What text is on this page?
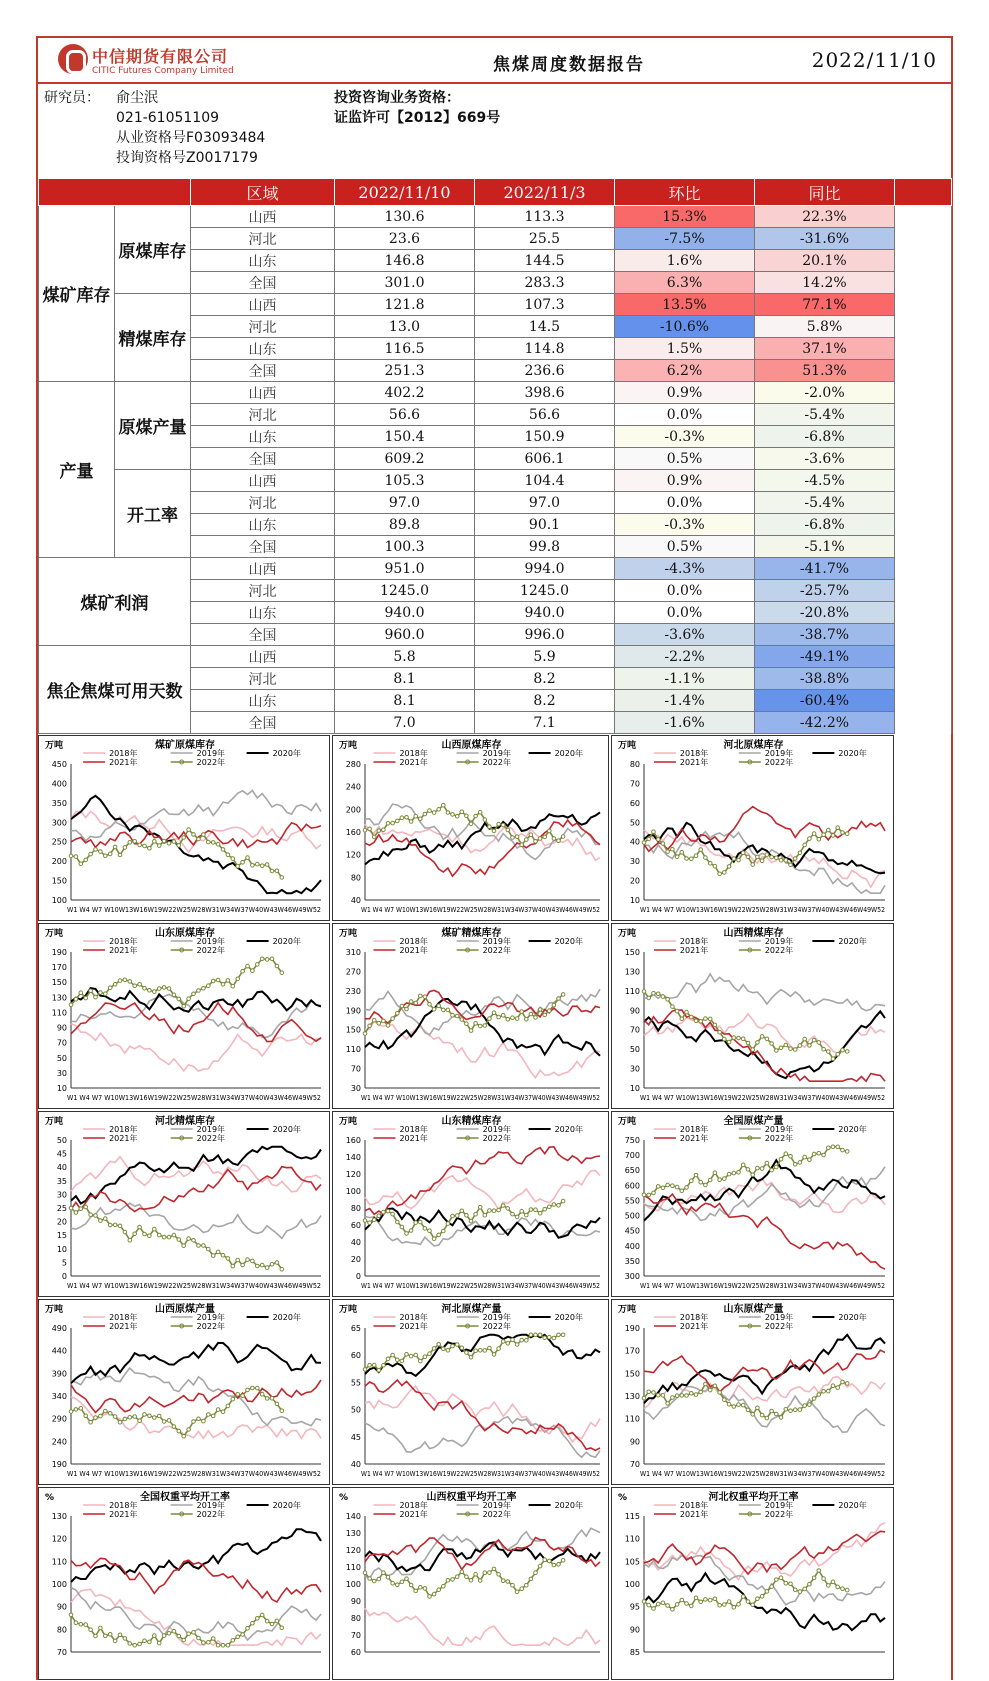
中信期货有限公司
CITIC Futures Company Limited	焦煤周度数据报告	2022/11/10
研究员： 俞尘泯
021-61051109
从业资格号F03093484
投询资格号Z0017179
投资咨询业务资格：
证监许可【2012】669号
		区域	2022/11/10	2022/11/3	环比	同比	
煤矿库存	原煤库存	山西	130.6	113.3	15.3%	22.3%	
		河北	23.6	25.5	-7.5%	-31.6%	
		山东	146.8	144.5	1.6%	20.1%	
		全国	301.0	283.3	6.3%	14.2%	
	精煤库存	山西	121.8	107.3	13.5%	77.1%	
		河北	13.0	14.5	-10.6%	5.8%	
		山东	116.5	114.8	1.5%	37.1%	
		全国	251.3	236.6	6.2%	51.3%	
产量	原煤产量	山西	402.2	398.6	0.9%	-2.0%	
		河北	56.6	56.6	0.0%	-5.4%	
		山东	150.4	150.9	-0.3%	-6.8%	
		全国	609.2	606.1	0.5%	-3.6%	
	开工率	山西	105.3	104.4	0.9%	-4.5%	
		河北	97.0	97.0	0.0%	-5.4%	
		山东	89.8	90.1	-0.3%	-6.8%	
		全国	100.3	99.8	0.5%	-5.1%	
煤矿利润		山西	951.0	994.0	-4.3%	-41.7%	
		河北	1245.0	1245.0	0.0%	-25.7%	
		山东	940.0	940.0	0.0%	-20.8%	
		全国	960.0	996.0	-3.6%	-38.7%	
焦企焦煤可用天数		山西	5.8	5.9	-2.2%	-49.1%	
		河北	8.1	8.2	-1.1%	-38.8%	
		山东	8.1	8.2	-1.4%	-60.4%	
		全国	7.0	7.1	-1.6%	-42.2%	
万吨	煤矿原煤库存
2018年	2019年	2020年
2021年	2022年
450
400
350
300
250
200
150
100
W1 W4 W7 W10W13W16W19W22W25W28W31W34W37W40W43W46W49W52
万吨	山西原煤库存
2018年	2019年	2020年
2021年	2022年
280
240
200
160
120
80
40
W1 W4 W7 W10W13W16W19W22W25W28W31W34W37W40W43W46W49W52
万吨	河北原煤库存
2018年	2019年	2020年
2021年	2022年
80
70
60
50
40
30
20
10
W1 W4 W7 W10W13W16W19W22W25W28W31W34W37W40W43W46W49W52
万吨	山东原煤库存
2018年	2019年	2020年
2021年	2022年
190
170
150
130
110
90
70
50
30
10
W1 W4 W7 W10W13W16W19W22W25W28W31W34W37W40W43W46W49W52
万吨	煤矿精煤库存
2018年	2019年	2020年
2021年	2022年
310
270
230
190
150
110
70
30
W1 W4 W7 W10W13W16W19W22W25W28W31W34W37W40W43W46W49W52
万吨	山西精煤库存
2018年	2019年	2020年
2021年	2022年
150
130
110
90
70
50
30
10
W1 W4 W7 W10W13W16W19W22W25W28W31W34W37W40W43W46W49W52
万吨	河北精煤库存
2018年	2019年	2020年
2021年	2022年
50
45
40
35
30
25
20
15
10
5
0
W1 W4 W7 W10W13W16W19W22W25W28W31W34W37W40W43W46W49W52
万吨	山东精煤库存
2018年	2019年	2020年
2021年	2022年
160
140
120
100
80
60
40
20
0
W1 W4 W7 W10W13W16W19W22W25W28W31W34W37W40W43W46W49W52
万吨	全国原煤产量
2018年	2019年	2020年
2021年	2022年
750
700
650
600
550
500
450
400
350
300
W1 W4 W7 W10W13W16W19W22W25W28W31W34W37W40W43W46W49W52
万吨	山西原煤产量
2018年	2019年	2020年
2021年	2022年
490
440
390
340
290
240
190
W1 W4 W7 W10W13W16W19W22W25W28W31W34W37W40W43W46W49W52
万吨	河北原煤产量
2018年	2019年	2020年
2021年	2022年
65
60
55
50
45
40
W1 W4 W7 W10W13W16W19W22W25W28W31W34W37W40W43W46W49W52
万吨	山东原煤产量
2018年	2019年	2020年
2021年	2022年
190
170
150
130
110
90
70
W1 W4 W7 W10W13W16W19W22W25W28W31W34W37W40W43W46W49W52
%	全国权重平均开工率
2018年	2019年	2020年
2021年	2022年
130
120
110
100
90
80
70
%	山西权重平均开工率
2018年	2019年	2020年
2021年	2022年
140
130
120
110
100
90
80
70
60
%	河北权重平均开工率
2018年	2019年	2020年
2021年	2022年
115
110
105
100
95
90
85
